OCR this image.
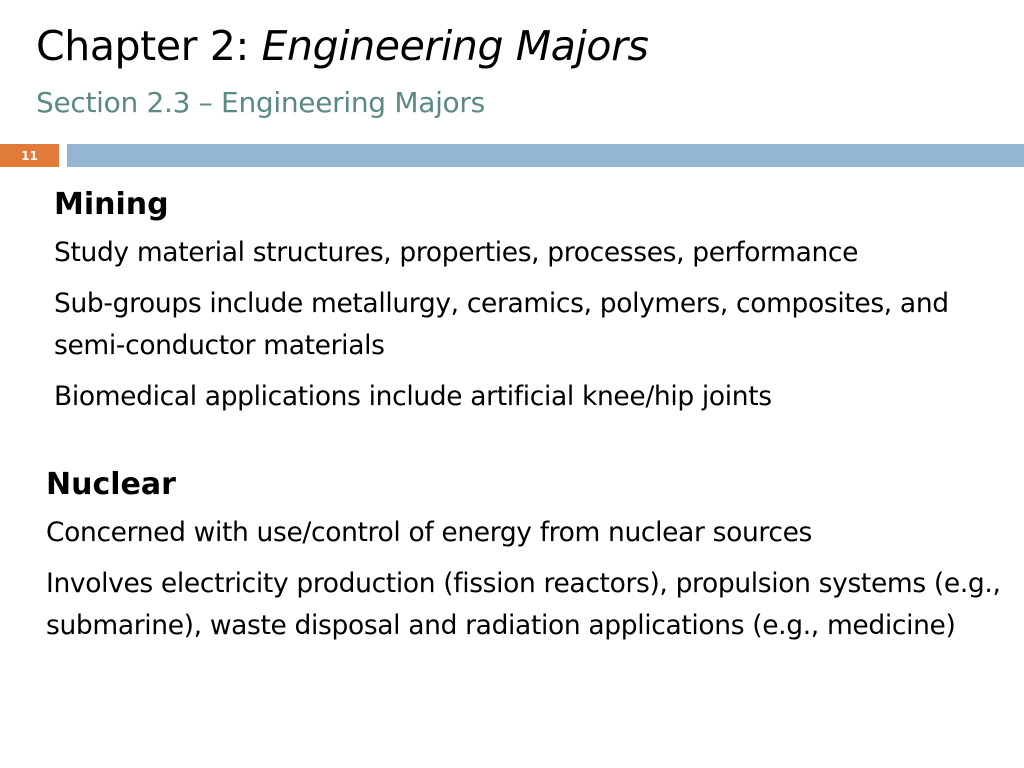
Chapter 2: Engineering Majors

Section 2.3 – Engineering Majors

11
Mining
Study material structures, properties, processes, performance
Sub-groups include metallurgy, ceramics, polymers, composites, and semi-conductor materials
Biomedical applications include artificial knee/hip joints
Nuclear
Concerned with use/control of energy from nuclear sources
Involves electricity production (fission reactors), propulsion systems (e.g., submarine), waste disposal and radiation applications (e.g., medicine)
